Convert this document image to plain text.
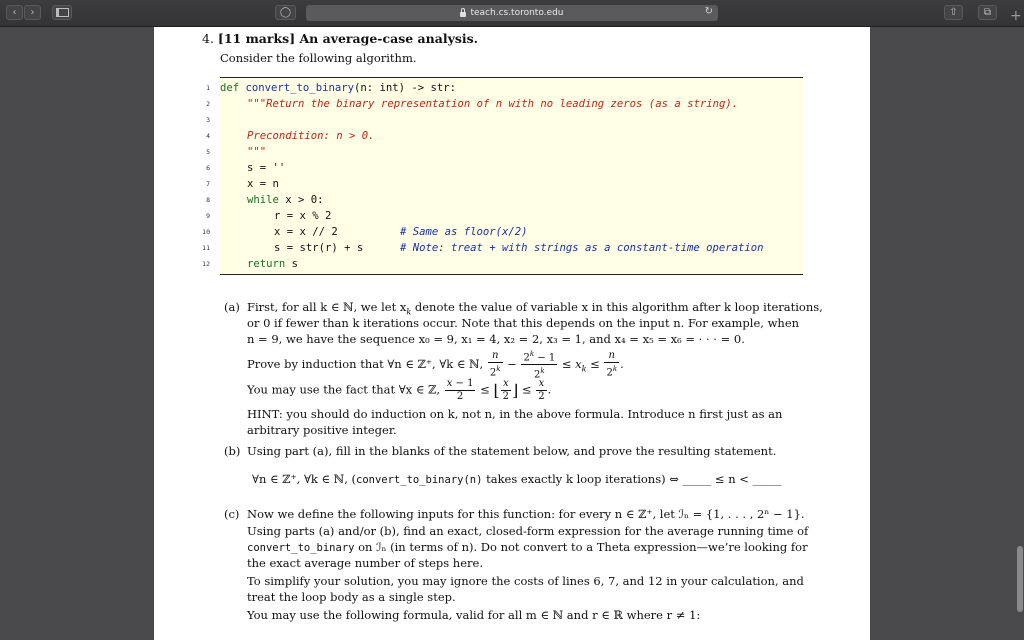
‹ ›	◯	teach.cs.toronto.edu	↻	⇧	⧉ +
4. [11 marks] An average-case analysis.
Consider the following algorithm.
1 def convert_to_binary(n: int) -> str:
2	"""Return the binary representation of n with no leading zeros (as a string).
3
4	Precondition: n > 0.
5	"""
6	s = ''
7	x = n
8	while x > 0:
9	r = x % 2
10	x = x // 2	# Same as floor(x/2)
11	s = str(r) + s	# Note: treat + with strings as a constant-time operation
12	return s
(a) First, for all k ∈ ℕ, we let $x_k$ denote the value of variable x in this algorithm after k loop iterations,
or 0 if fewer than k iterations occur. Note that this depends on the input n. For example, when
n = 9, we have the sequence x₀ = 9, x₁ = 4, x₂ = 2, x₃ = 1, and x₄ = x₅ = x₆ = · · · = 0.
Prove by induction that ∀n ∈ ℤ⁺, ∀k ∈ ℕ, $\frac{n}{2^k} - \frac{2^k - 1}{2^k} \le x_k \le \frac{n}{2^k}$ .
You may use the fact that ∀x ∈ ℤ, $\frac{x - 1}{2}$ ≤ ⌊ $\frac{x}{2}$ ⌋ ≤ $\frac{x}{2}$ .
HINT: you should do induction on k, not n, in the above formula. Introduce n first just as an
arbitrary positive integer.
(b) Using part (a), fill in the blanks of the statement below, and prove the resulting statement.
∀n ∈ ℤ⁺, ∀k ∈ ℕ, (convert_to_binary(n) takes exactly k loop iterations) ⇔ _____ ≤ n < _____
(c) Now we define the following inputs for this function: for every n ∈ ℤ⁺, let ℐₙ = {1, . . . , 2ⁿ − 1}.
Using parts (a) and/or (b), find an exact, closed-form expression for the average running time of
convert_to_binary on ℐₙ (in terms of n). Do not convert to a Theta expression—we’re looking for
the exact average number of steps here.
To simplify your solution, you may ignore the costs of lines 6, 7, and 12 in your calculation, and
treat the loop body as a single step.
You may use the following formula, valid for all m ∈ ℕ and r ∈ ℝ where r ≠ 1:
